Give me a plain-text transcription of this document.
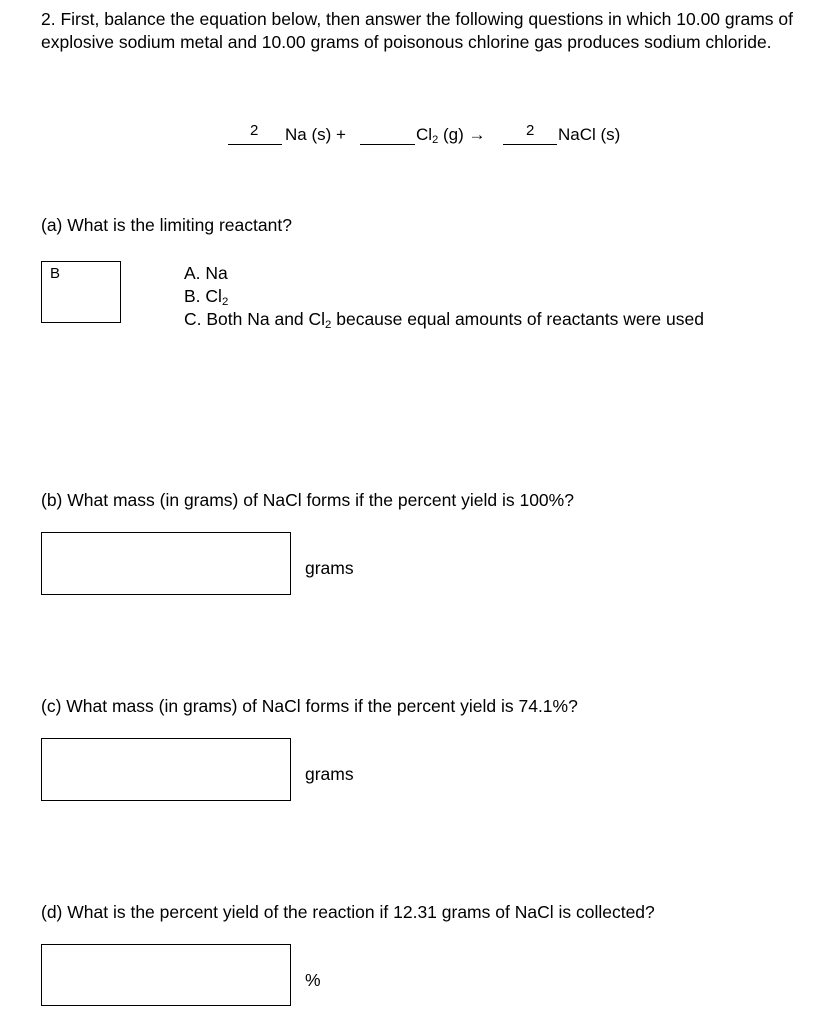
2. First, balance the equation below, then answer the following questions in which 10.00 grams of explosive sodium metal and 10.00 grams of poisonous chlorine gas produces sodium chloride.
2 Na (s) +	$Cl_2$ (g) →	2 NaCl (s)
(a) What is the limiting reactant?
B	A. Na
B. $Cl_2$
C. Both Na and $Cl_2$ because equal amounts of reactants were used
(b) What mass (in grams) of NaCl forms if the percent yield is 100%?
grams
(c) What mass (in grams) of NaCl forms if the percent yield is 74.1%?
grams
(d) What is the percent yield of the reaction if 12.31 grams of NaCl is collected?
%
